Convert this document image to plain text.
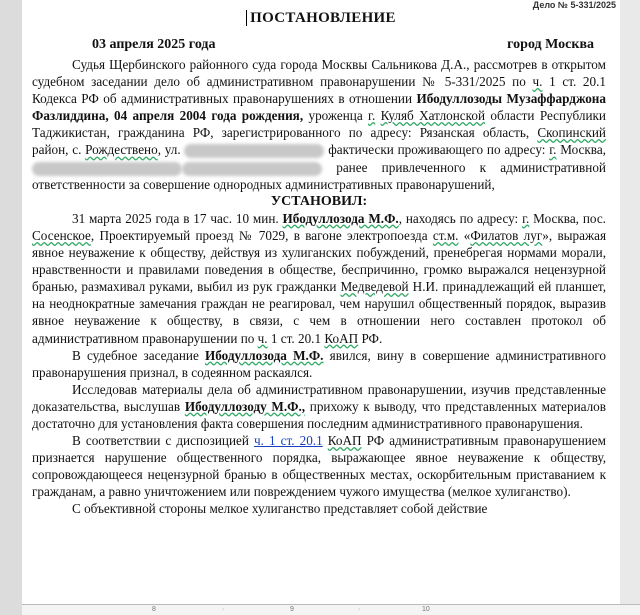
Дело № 5-331/2025
ПОСТАНОВЛЕНИЕ
03 апреля 2025 года	город Москва

Судья Щербинского районного суда города Москвы Сальникова Д.А., рассмотрев в открытом судебном заседании дело об административном правонарушении № 5-331/2025 по ч. 1 ст. 20.1 Кодекса РФ об административных правонарушениях в отношении Ибодуллозоды Музаффарджона Фазлиддина, 04 апреля 2004 года рождения, уроженца г. Куляб Хатлонской области Республики Таджикистан, гражданина РФ, зарегистрированного по адресу: Рязанская область, Скопинский район, с. Рождествено, ул.	фактически проживающего по адресу: г. Москва,  ранее привлеченного к административной ответственности за совершение однородных административных правонарушений,

УСТАНОВИЛ:

31 марта 2025 года в 17 час. 10 мин. Ибодуллозода М.Ф., находясь по адресу: г. Москва, пос. Сосенское, Проектируемый проезд № 7029, в вагоне электропоезда ст.м. «Филатов луг», выражая явное неуважение к обществу, действуя из хулиганских побуждений, пренебрегая нормами морали, нравственности и правилами поведения в обществе, беспричинно, громко выражался нецензурной бранью, размахивал руками, выбил из рук гражданки Медведевой Н.И. принадлежащий ей планшет, на неоднократные замечания граждан не реагировал, чем нарушил общественный порядок, выразив явное неуважение к обществу, в связи, с чем в отношении него составлен протокол об административном правонарушении по ч. 1 ст. 20.1 КоАП РФ.

В судебное заседание Ибодуллозода М.Ф. явился, вину в совершение административного правонарушения признал, в содеянном раскаялся.

Исследовав материалы дела об административном правонарушении, изучив представленные доказательства, выслушав Ибодуллозоду М.Ф., прихожу к выводу, что представленных материалов достаточно для установления факта совершения последним административного правонарушения.

В соответствии с диспозицией ч. 1 ст. 20.1 КоАП РФ административным правонарушением признается нарушение общественного порядка, выражающее явное неуважение к обществу, сопровождающееся нецензурной бранью в общественных местах, оскорбительным приставанием к гражданам, а равно уничтожением или повреждением чужого имущества (мелкое хулиганство).

С объективной стороны мелкое хулиганство представляет собой действие

8	·	9	·	10
